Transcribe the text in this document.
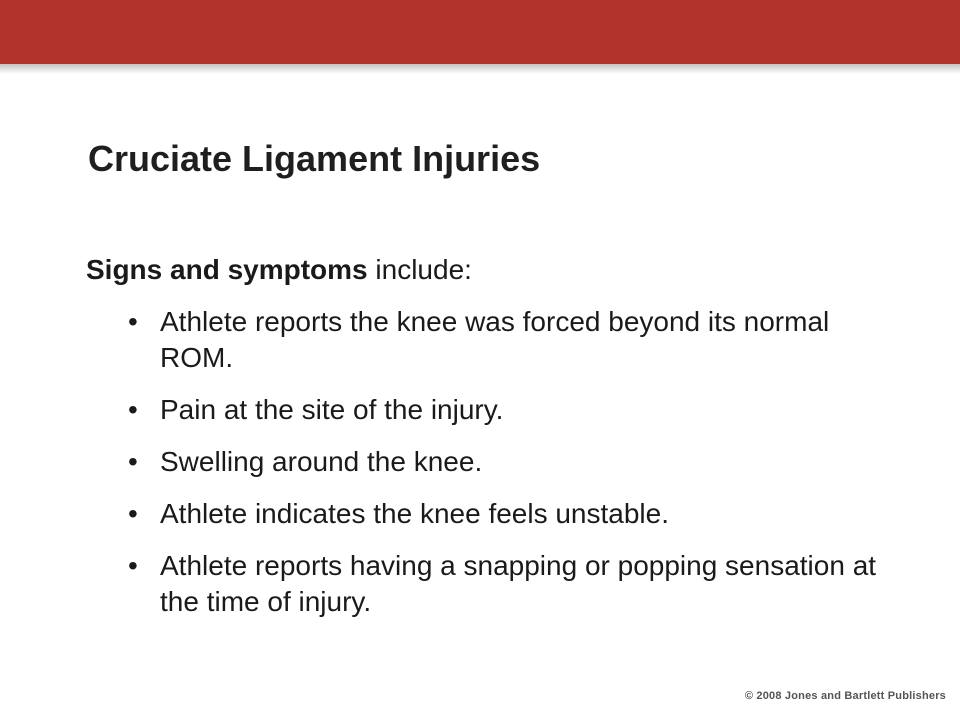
Cruciate Ligament Injuries

Signs and symptoms include:

• Athlete reports the knee was forced beyond its normal ROM.
• Pain at the site of the injury.
• Swelling around the knee.
• Athlete indicates the knee feels unstable.
• Athlete reports having a snapping or popping sensation at the time of injury.
© 2008 Jones and Bartlett Publishers
